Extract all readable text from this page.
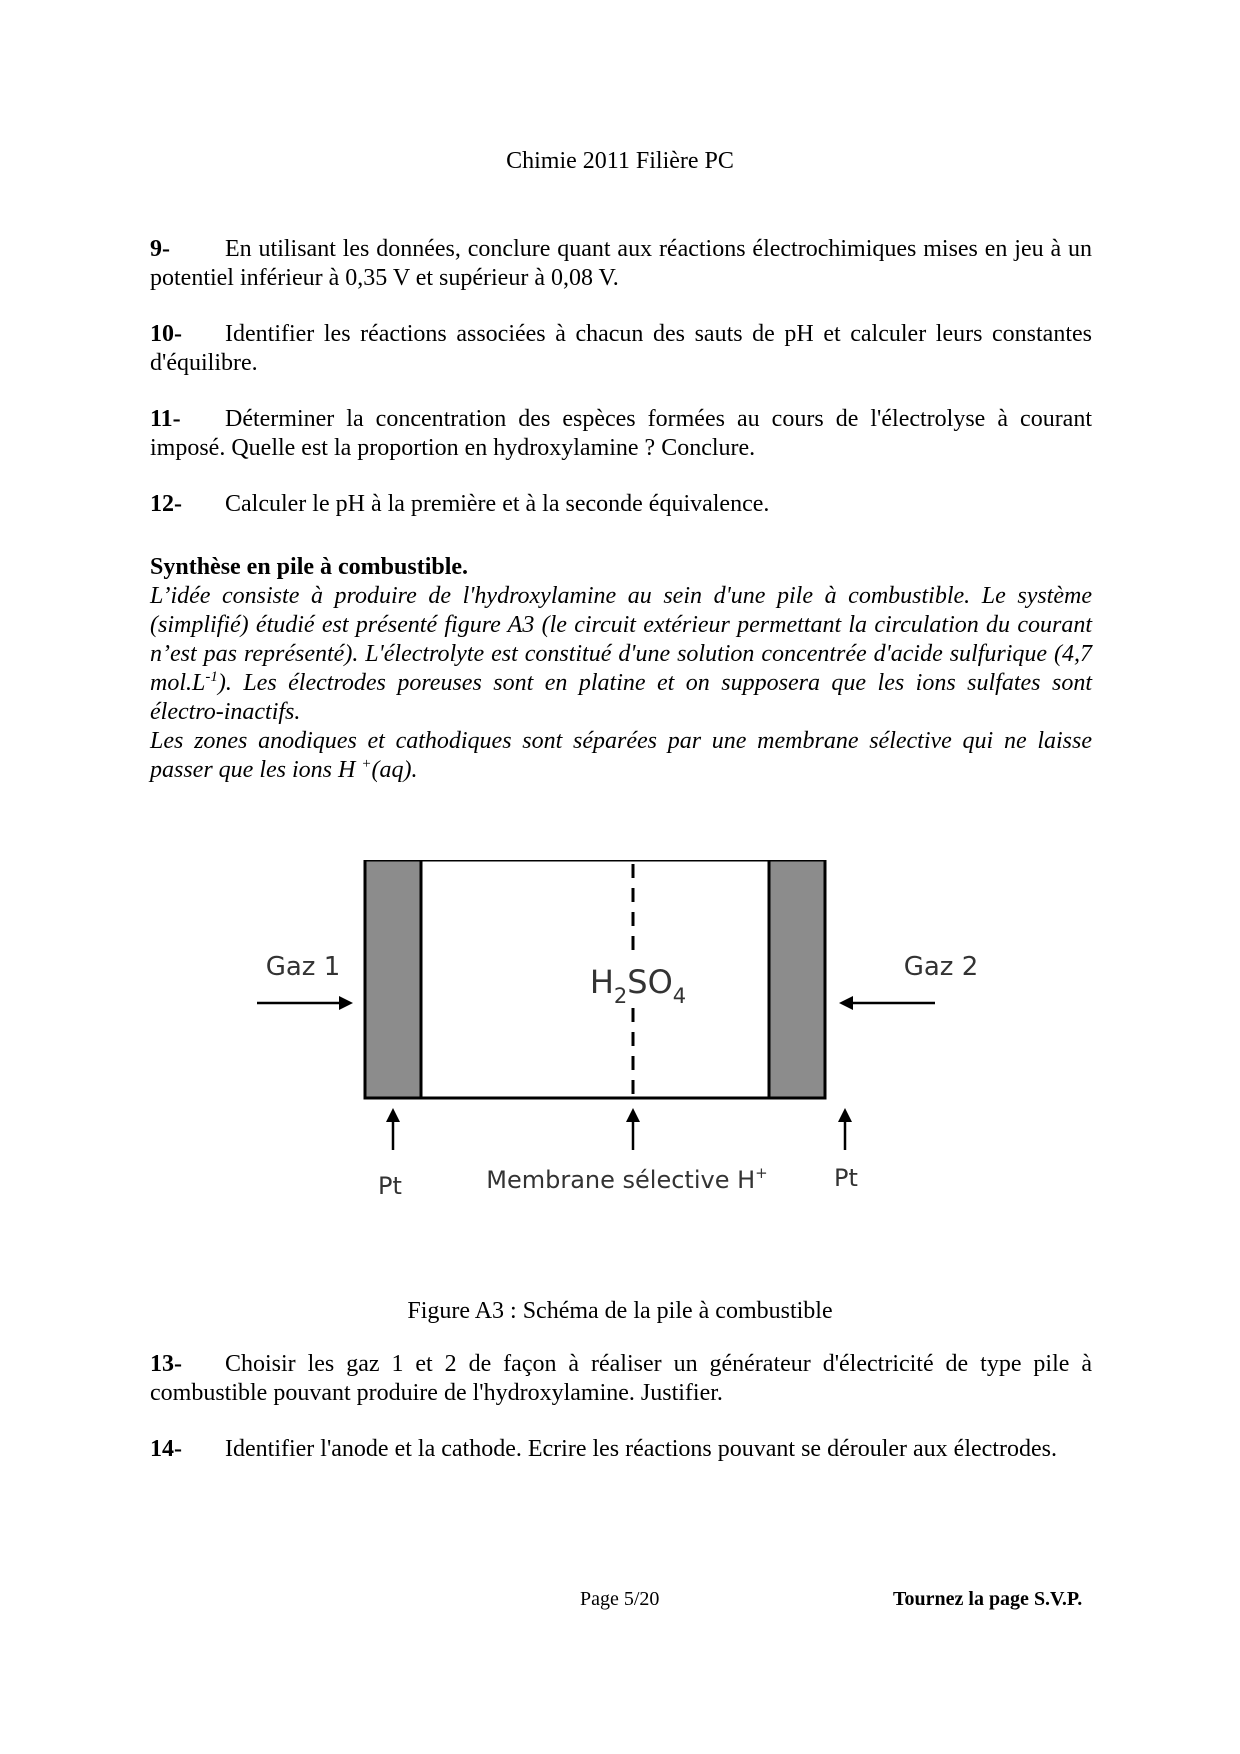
Chimie 2011 Filière PC
9- En utilisant les données, conclure quant aux réactions électrochimiques mises en jeu à un potentiel inférieur à 0,35 V et supérieur à 0,08 V.
10- Identifier les réactions associées à chacun des sauts de pH et calculer leurs constantes d'équilibre.
11- Déterminer la concentration des espèces formées au cours de l'électrolyse à courant imposé. Quelle est la proportion en hydroxylamine ? Conclure.
12- Calculer le pH à la première et à la seconde équivalence.
Synthèse en pile à combustible.

L’idée consiste à produire de l'hydroxylamine au sein d'une pile à combustible. Le système (simplifié) étudié est présenté figure A3 (le circuit extérieur permettant la circulation du courant n’est pas représenté). L'électrolyte est constitué d'une solution concentrée d'acide sulfurique (4,7 $mol.L^{-1}$). Les électrodes poreuses sont en platine et on supposera que les ions sulfates sont électro-inactifs.

Les zones anodiques et cathodiques sont séparées par une membrane sélective qui ne laisse passer que les ions H +(aq).

Gaz 1	Gaz 2
$H_2SO_4$
Pt	Membrane sélective H+	Pt
Figure A3 : Schéma de la pile à combustible
13- Choisir les gaz 1 et 2 de façon à réaliser un générateur d'électricité de type pile à combustible pouvant produire de l'hydroxylamine. Justifier.
14- Identifier l'anode et la cathode. Ecrire les réactions pouvant se dérouler aux électrodes.
Page 5/20	Tournez la page S.V.P.
